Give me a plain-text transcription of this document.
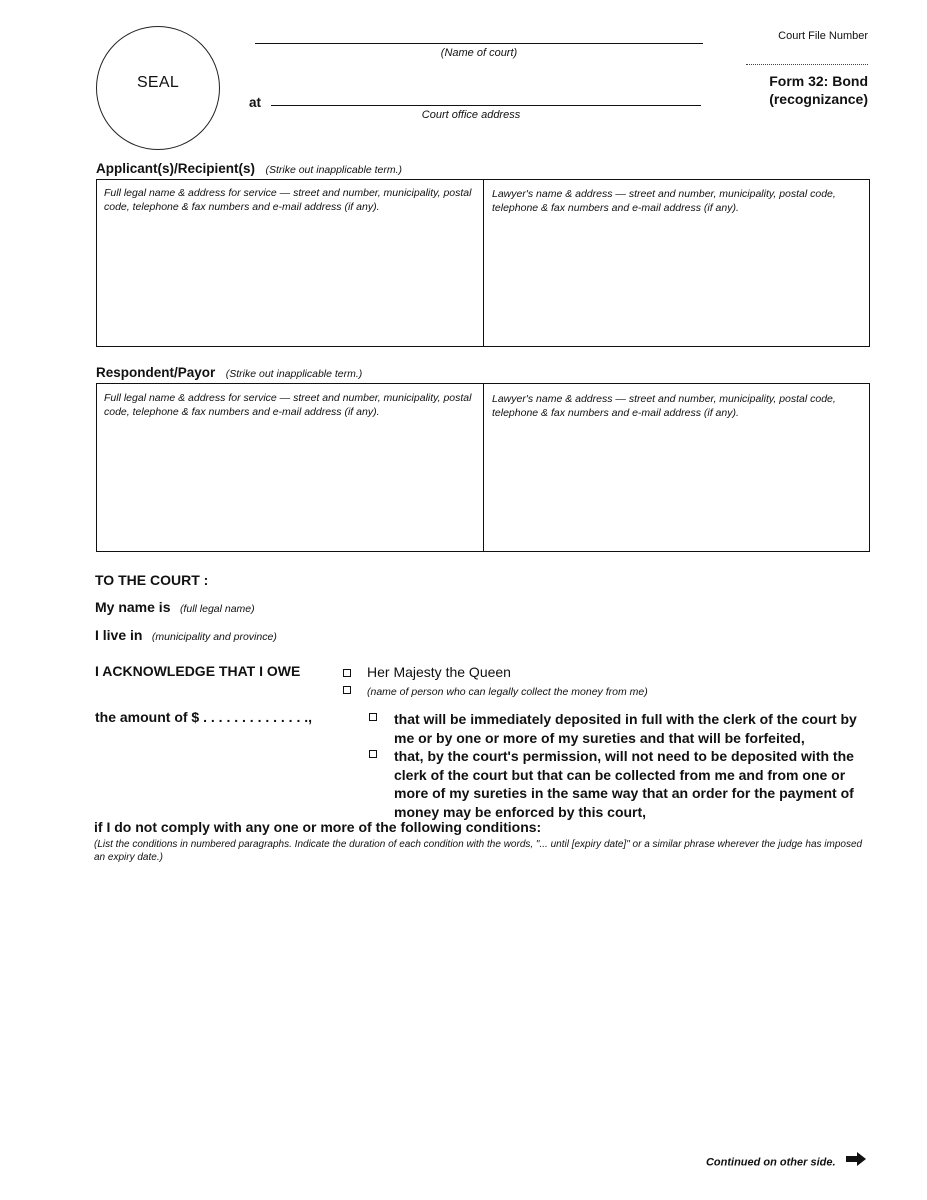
SEAL
(Name of court)
at
Court office address
Court File Number
Form 32: Bond
(recognizance)
Applicant(s)/Recipient(s) (Strike out inapplicable term.)
Full legal name & address for service — street and number, municipality, postal code, telephone & fax numbers and e-mail address (if any).
Lawyer's name & address — street and number, municipality, postal code, telephone & fax numbers and e-mail address (if any).
Respondent/Payor (Strike out inapplicable term.)
Full legal name & address for service — street and number, municipality, postal code, telephone & fax numbers and e-mail address (if any).
Lawyer's name & address — street and number, municipality, postal code, telephone & fax numbers and e-mail address (if any).
TO THE COURT :
My name is (full legal name)
I live in (municipality and province)
I ACKNOWLEDGE THAT I OWE	Her Majesty the Queen
(name of person who can legally collect the money from me)
the amount of $ . . . . . . . . . . . . . .,	that will be immediately deposited in full with the clerk of the court by me or by one or more of my sureties and that will be forfeited,
that, by the court's permission, will not need to be deposited with the clerk of the court but that can be collected from me and from one or more of my sureties in the same way that an order for the payment of money may be enforced by this court,
if I do not comply with any one or more of the following conditions:
(List the conditions in numbered paragraphs. Indicate the duration of each condition with the words, "... until [expiry date]" or a similar phrase wherever the judge has imposed an expiry date.)
Continued on other side.
